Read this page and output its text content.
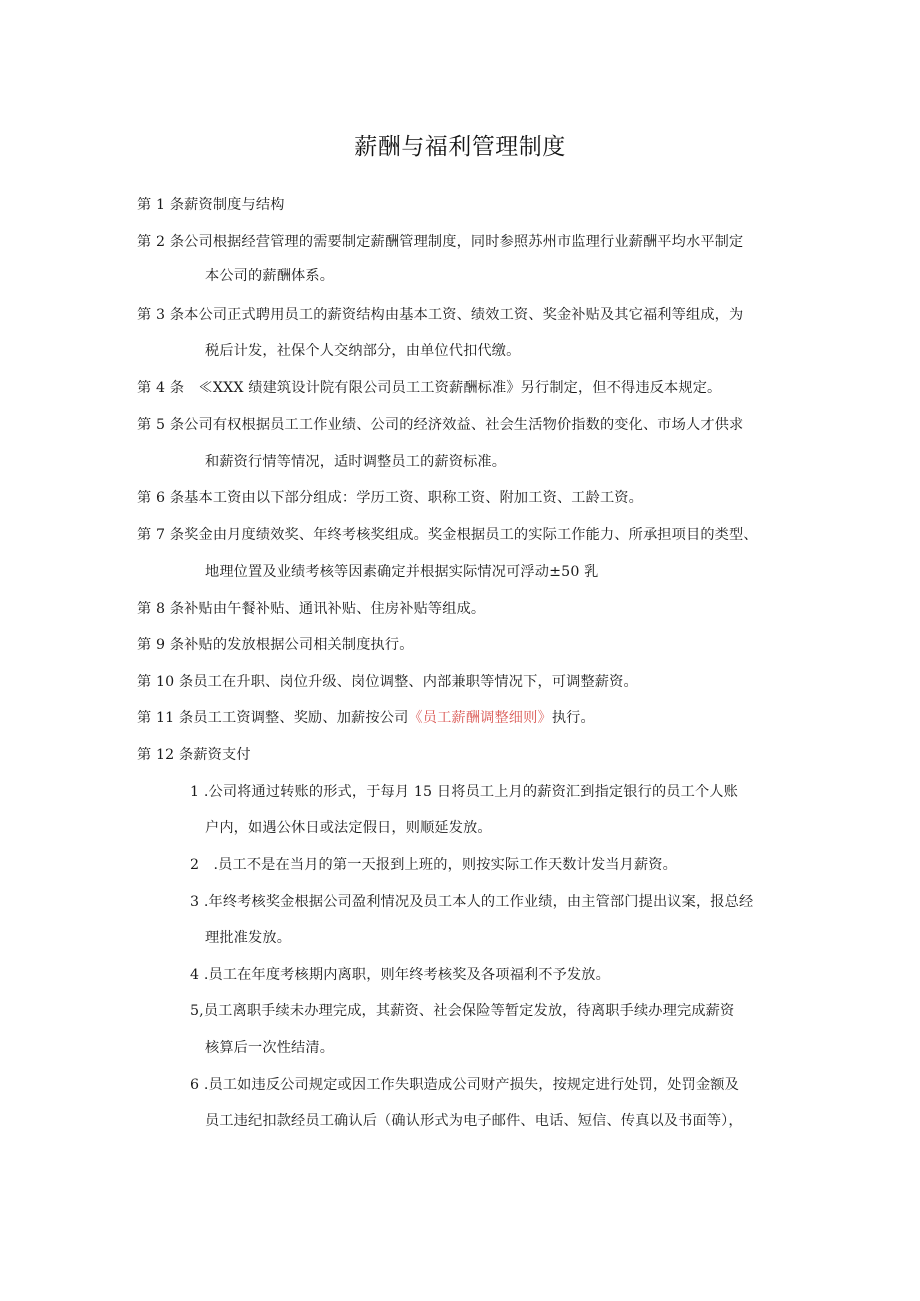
薪酬与福利管理制度
第 1 条薪资制度与结构
第 2 条公司根据经营管理的需要制定薪酬管理制度，同时参照苏州市监理行业薪酬平均水平制定
本公司的薪酬体系。
第 3 条本公司正式聘用员工的薪资结构由基本工资、绩效工资、奖金补贴及其它福利等组成，为
税后计发，社保个人交纳部分，由单位代扣代缴。
第 4 条　≪XXX 绩建筑设计院有限公司员工工资薪酬标准》另行制定，但不得违反本规定。
第 5 条公司有权根据员工工作业绩、公司的经济效益、社会生活物价指数的变化、市场人才供求
和薪资行情等情况，适时调整员工的薪资标准。
第 6 条基本工资由以下部分组成：学历工资、职称工资、附加工资、工龄工资。
第 7 条奖金由月度绩效奖、年终考核奖组成。奖金根据员工的实际工作能力、所承担项目的类型、
地理位置及业绩考核等因素确定并根据实际情况可浮动±50 乳
第 8 条补贴由午餐补贴、通讯补贴、住房补贴等组成。
第 9 条补贴的发放根据公司相关制度执行。
第 10 条员工在升职、岗位升级、岗位调整、内部兼职等情况下，可调整薪资。
第 11 条员工工资调整、奖励、加薪按公司《员工薪酬调整细则》执行。
第 12 条薪资支付
1 .公司将通过转账的形式，于每月 15 日将员工上月的薪资汇到指定银行的员工个人账
户内，如遇公休日或法定假日，则顺延发放。
2　.员工不是在当月的第一天报到上班的，则按实际工作天数计发当月薪资。
3 .年终考核奖金根据公司盈利情况及员工本人的工作业绩，由主管部门提出议案，报总经
理批准发放。
4 .员工在年度考核期内离职，则年终考核奖及各项福利不予发放。
5,员工离职手续未办理完成，其薪资、社会保险等暂定发放，待离职手续办理完成薪资
核算后一次性结清。
6 .员工如违反公司规定或因工作失职造成公司财产损失，按规定进行处罚，处罚金额及
员工违纪扣款经员工确认后（确认形式为电子邮件、电话、短信、传真以及书面等），
